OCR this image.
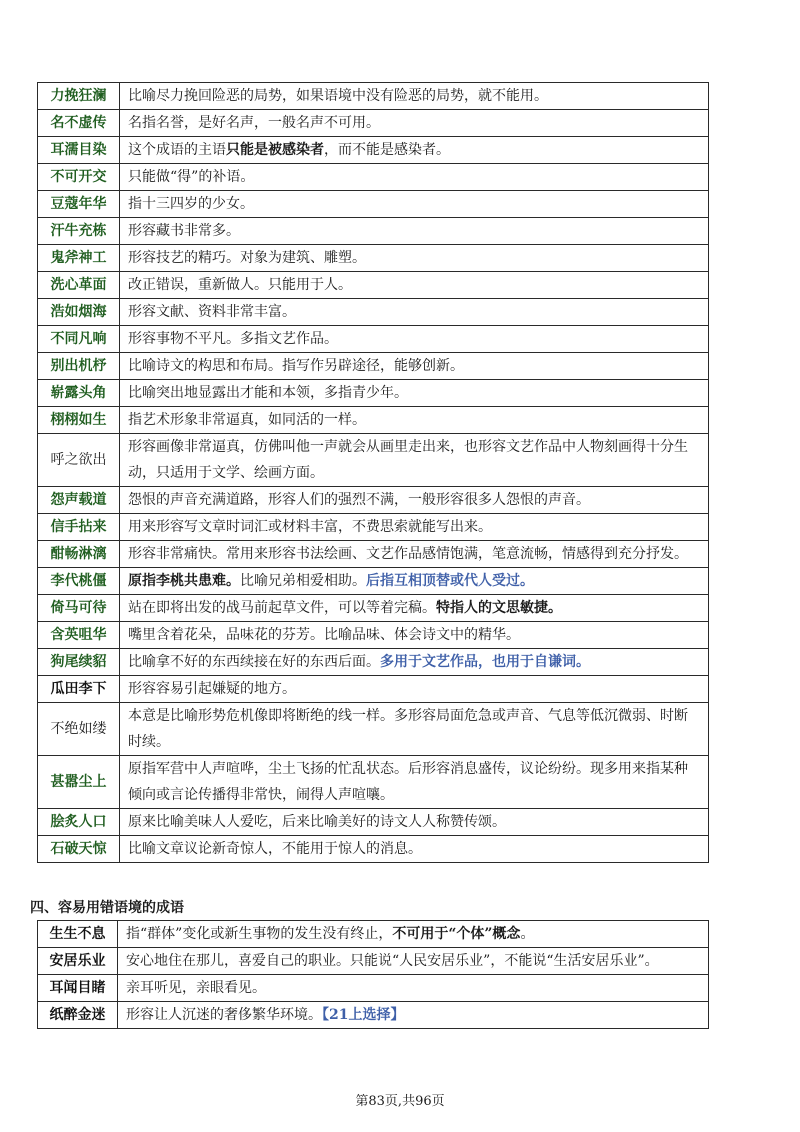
力挽狂澜	比喻尽力挽回险恶的局势，如果语境中没有险恶的局势，就不能用。
名不虚传	名指名誉，是好名声，一般名声不可用。
耳濡目染	这个成语的主语只能是被感染者，而不能是感染者。
不可开交	只能做“得”的补语。
豆蔻年华	指十三四岁的少女。
汗牛充栋	形容藏书非常多。
鬼斧神工	形容技艺的精巧。对象为建筑、雕塑。
洗心革面	改正错误，重新做人。只能用于人。
浩如烟海	形容文献、资料非常丰富。
不同凡响	形容事物不平凡。多指文艺作品。
别出机杼	比喻诗文的构思和布局。指写作另辟途径，能够创新。
崭露头角	比喻突出地显露出才能和本领，多指青少年。
栩栩如生	指艺术形象非常逼真，如同活的一样。
呼之欲出	形容画像非常逼真，仿佛叫他一声就会从画里走出来，也形容文艺作品中人物刻画得十分生动，只适用于文学、绘画方面。
怨声载道	怨恨的声音充满道路，形容人们的强烈不满，一般形容很多人怨恨的声音。
信手拈来	用来形容写文章时词汇或材料丰富，不费思索就能写出来。
酣畅淋漓	形容非常痛快。常用来形容书法绘画、文艺作品感情饱满，笔意流畅，情感得到充分抒发。
李代桃僵	原指李桃共患难。比喻兄弟相爱相助。后指互相顶替或代人受过。
倚马可待	站在即将出发的战马前起草文件，可以等着完稿。特指人的文思敏捷。
含英咀华	嘴里含着花朵，品味花的芬芳。比喻品味、体会诗文中的精华。
狗尾续貂	比喻拿不好的东西续接在好的东西后面。多用于文艺作品，也用于自谦词。
瓜田李下	形容容易引起嫌疑的地方。
不绝如缕	本意是比喻形势危机像即将断绝的线一样。多形容局面危急或声音、气息等低沉微弱、时断时续。
甚嚣尘上	原指军营中人声喧哗，尘土飞扬的忙乱状态。后形容消息盛传，议论纷纷。现多用来指某种倾向或言论传播得非常快，闹得人声喧嚷。
脍炙人口	原来比喻美味人人爱吃，后来比喻美好的诗文人人称赞传颂。
石破天惊	比喻文章议论新奇惊人，不能用于惊人的消息。
四、容易用错语境的成语
生生不息	指“群体”变化或新生事物的发生没有终止，不可用于“个体”概念。
安居乐业	安心地住在那儿，喜爱自己的职业。只能说“人民安居乐业”，不能说“生活安居乐业”。
耳闻目睹	亲耳听见，亲眼看见。
纸醉金迷	形容让人沉迷的奢侈繁华环境。【21上选择】
第83页,共96页
